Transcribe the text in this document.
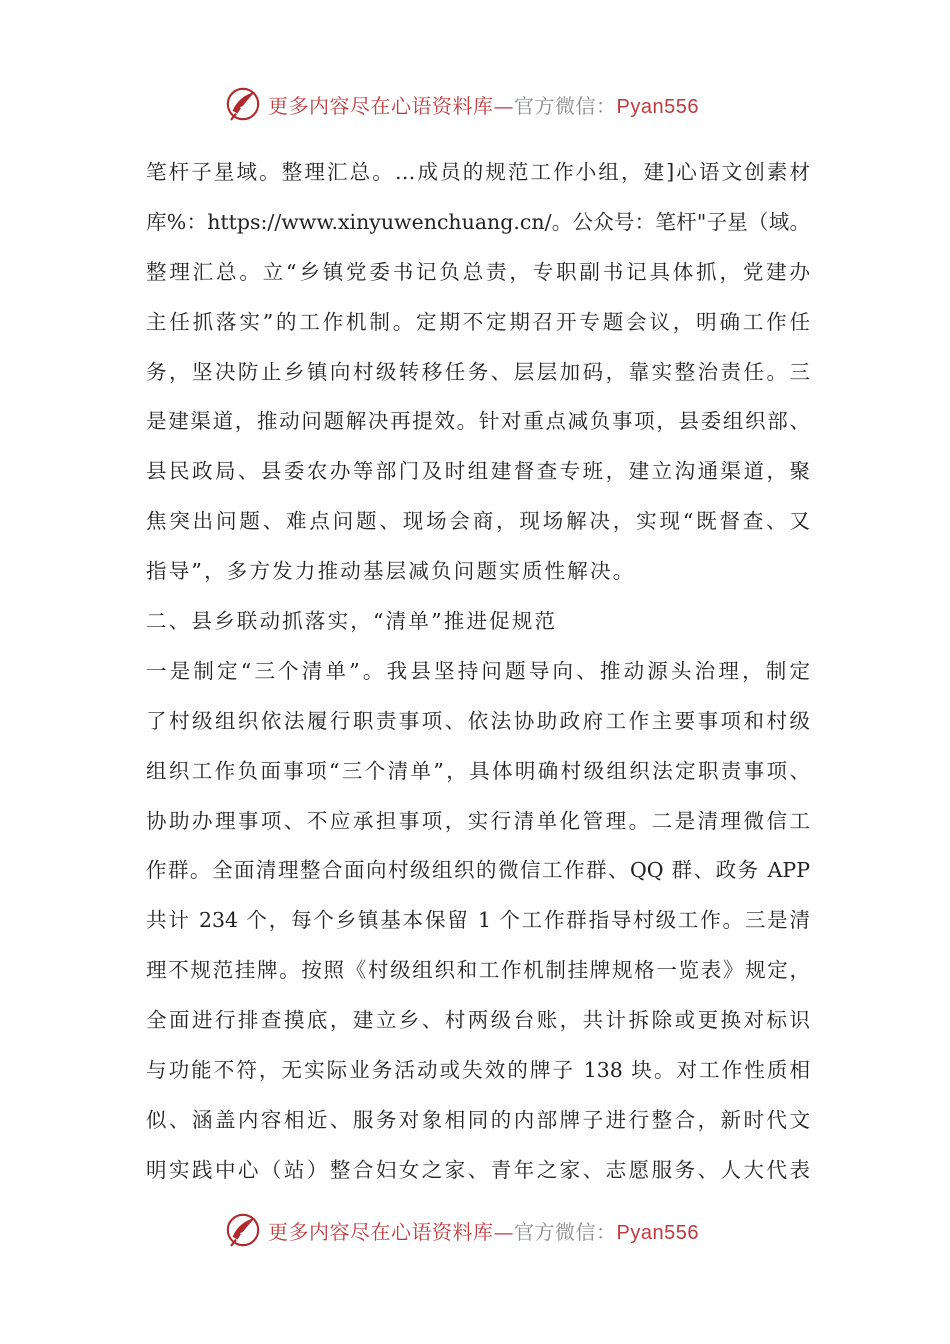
更多内容尽在心语资料库—官方微信：Pyan556
笔杆子星域。整理汇总。…成员的规范工作小组，建]心语文创素材
库%：https://www.xinyuwenchuang.cn/。公众号：笔杆"子星（域。
整理汇总。立“乡镇党委书记负总责，专职副书记具体抓，党建办
主任抓落实”的工作机制。定期不定期召开专题会议，明确工作任
务，坚决防止乡镇向村级转移任务、层层加码，靠实整治责任。三
是建渠道，推动问题解决再提效。针对重点减负事项，县委组织部、
县民政局、县委农办等部门及时组建督查专班，建立沟通渠道，聚
焦突出问题、难点问题、现场会商，现场解决，实现“既督查、又
指导”，多方发力推动基层减负问题实质性解决。
二、县乡联动抓落实，“清单”推进促规范
一是制定“三个清单”。我县坚持问题导向、推动源头治理，制定
了村级组织依法履行职责事项、依法协助政府工作主要事项和村级
组织工作负面事项“三个清单”，具体明确村级组织法定职责事项、
协助办理事项、不应承担事项，实行清单化管理。二是清理微信工
作群。全面清理整合面向村级组织的微信工作群、QQ 群、政务 APP
共计 234 个，每个乡镇基本保留 1 个工作群指导村级工作。三是清
理不规范挂牌。按照《村级组织和工作机制挂牌规格一览表》规定，
全面进行排查摸底，建立乡、村两级台账，共计拆除或更换对标识
与功能不符，无实际业务活动或失效的牌子 138 块。对工作性质相
似、涵盖内容相近、服务对象相同的内部牌子进行整合，新时代文
明实践中心（站）整合妇女之家、青年之家、志愿服务、人大代表
更多内容尽在心语资料库—官方微信：Pyan556
